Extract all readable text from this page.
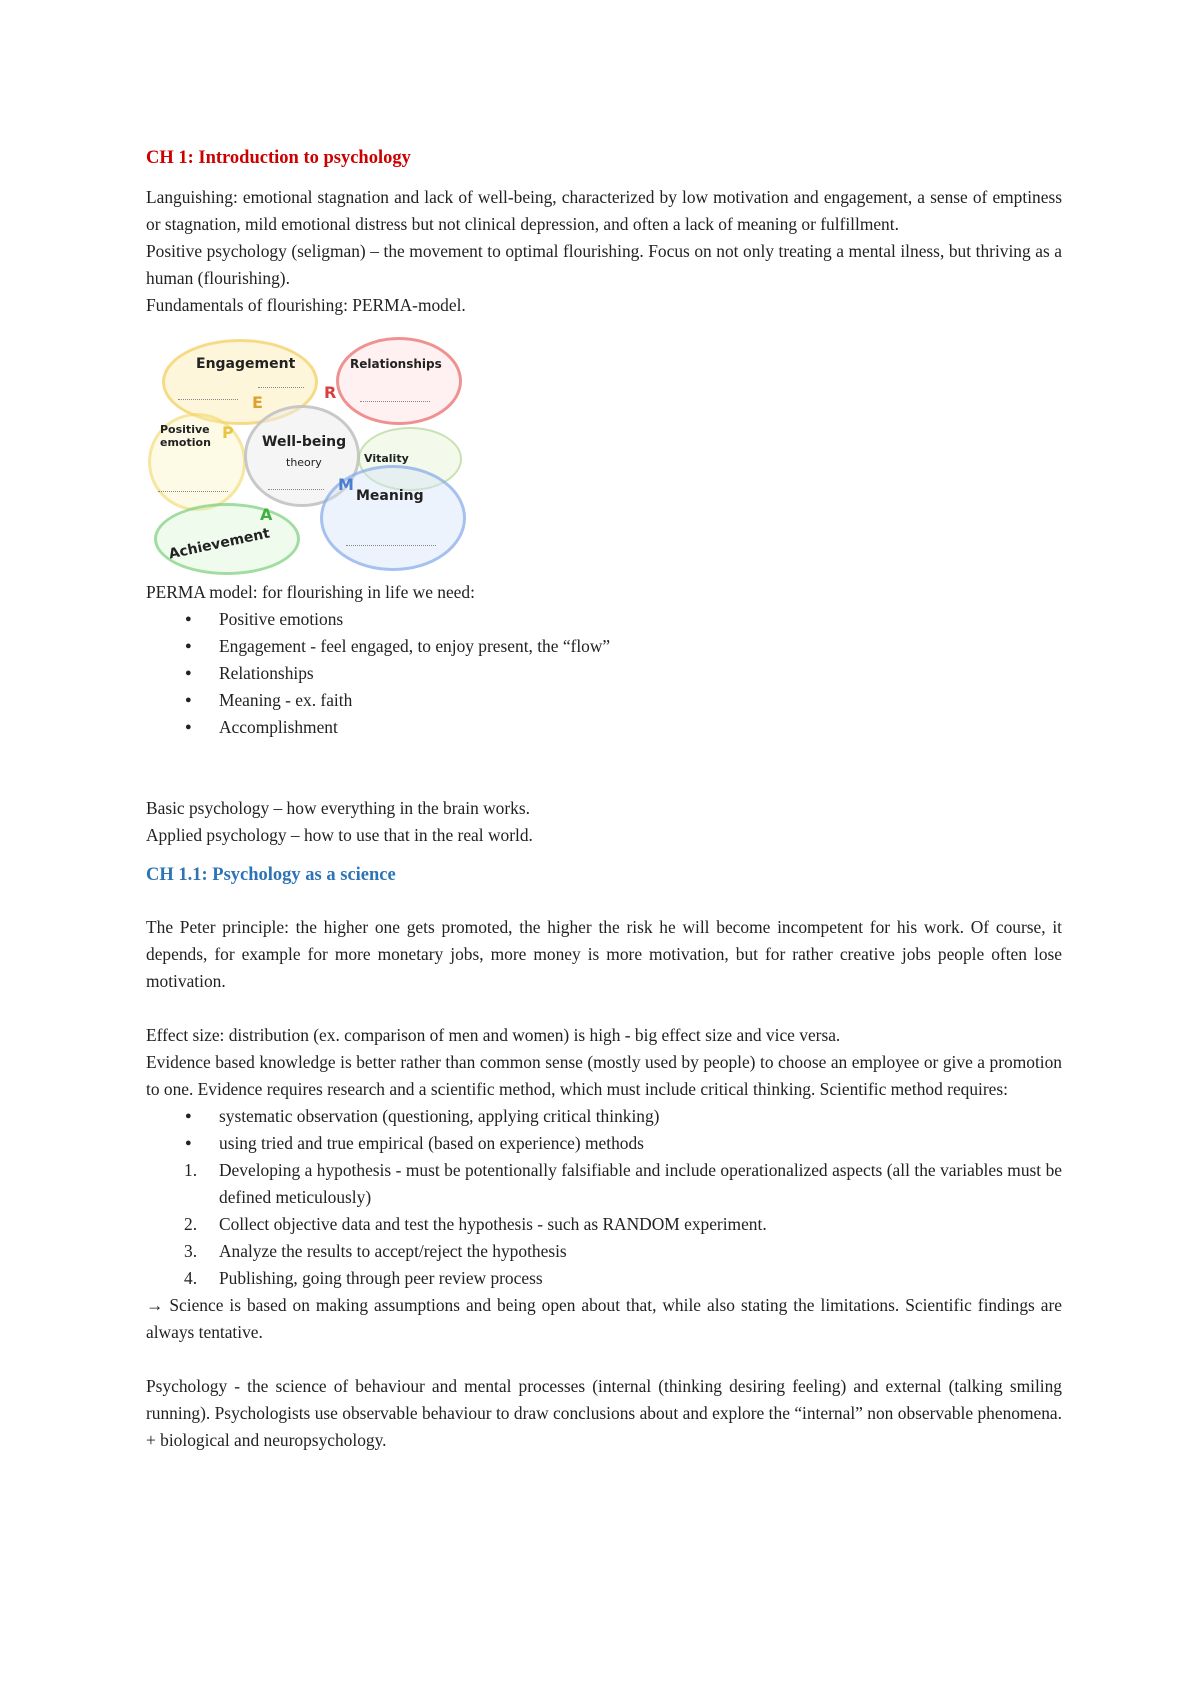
CH 1: Introduction to psychology

Languishing: emotional stagnation and lack of well-being, characterized by low motivation and engagement, a sense of emptiness or stagnation, mild emotional distress but not clinical depression, and often a lack of meaning or fulfillment.

Positive psychology (seligman) – the movement to optimal flourishing. Focus on not only treating a mental ilness, but thriving as a human (flourishing).

Fundamentals of flourishing: PERMA-model.

Engagement	Relationships
Positive emotion	Well-being
theory	Vitality
Meaning
Achievement
P
E
R
M
A

PERMA model: for flourishing in life we need:

● Positive emotions
● Engagement - feel engaged, to enjoy present, the “flow”
● Relationships
● Meaning - ex. faith
● Accomplishment

Basic psychology – how everything in the brain works.

Applied psychology – how to use that in the real world.

CH 1.1: Psychology as a science

The Peter principle: the higher one gets promoted, the higher the risk he will become incompetent for his work. Of course, it depends, for example for more monetary jobs, more money is more motivation, but for rather creative jobs people often lose motivation.

Effect size: distribution (ex. comparison of men and women) is high - big effect size and vice versa.

Evidence based knowledge is better rather than common sense (mostly used by people) to choose an employee or give a promotion to one. Evidence requires research and a scientific method, which must include critical thinking. Scientific method requires:

● systematic observation (questioning, applying critical thinking)
● using tried and true empirical (based on experience) methods
1. Developing a hypothesis - must be potentionally falsifiable and include operationalized aspects (all the variables must be defined meticulously)
2. Collect objective data and test the hypothesis - such as RANDOM experiment.
3. Analyze the results to accept/reject the hypothesis
4. Publishing, going through peer review process

→ Science is based on making assumptions and being open about that, while also stating the limitations. Scientific findings are always tentative.

Psychology - the science of behaviour and mental processes (internal (thinking desiring feeling) and external (talking smiling running). Psychologists use observable behaviour to draw conclusions about and explore the “internal” non observable phenomena. + biological and neuropsychology.
